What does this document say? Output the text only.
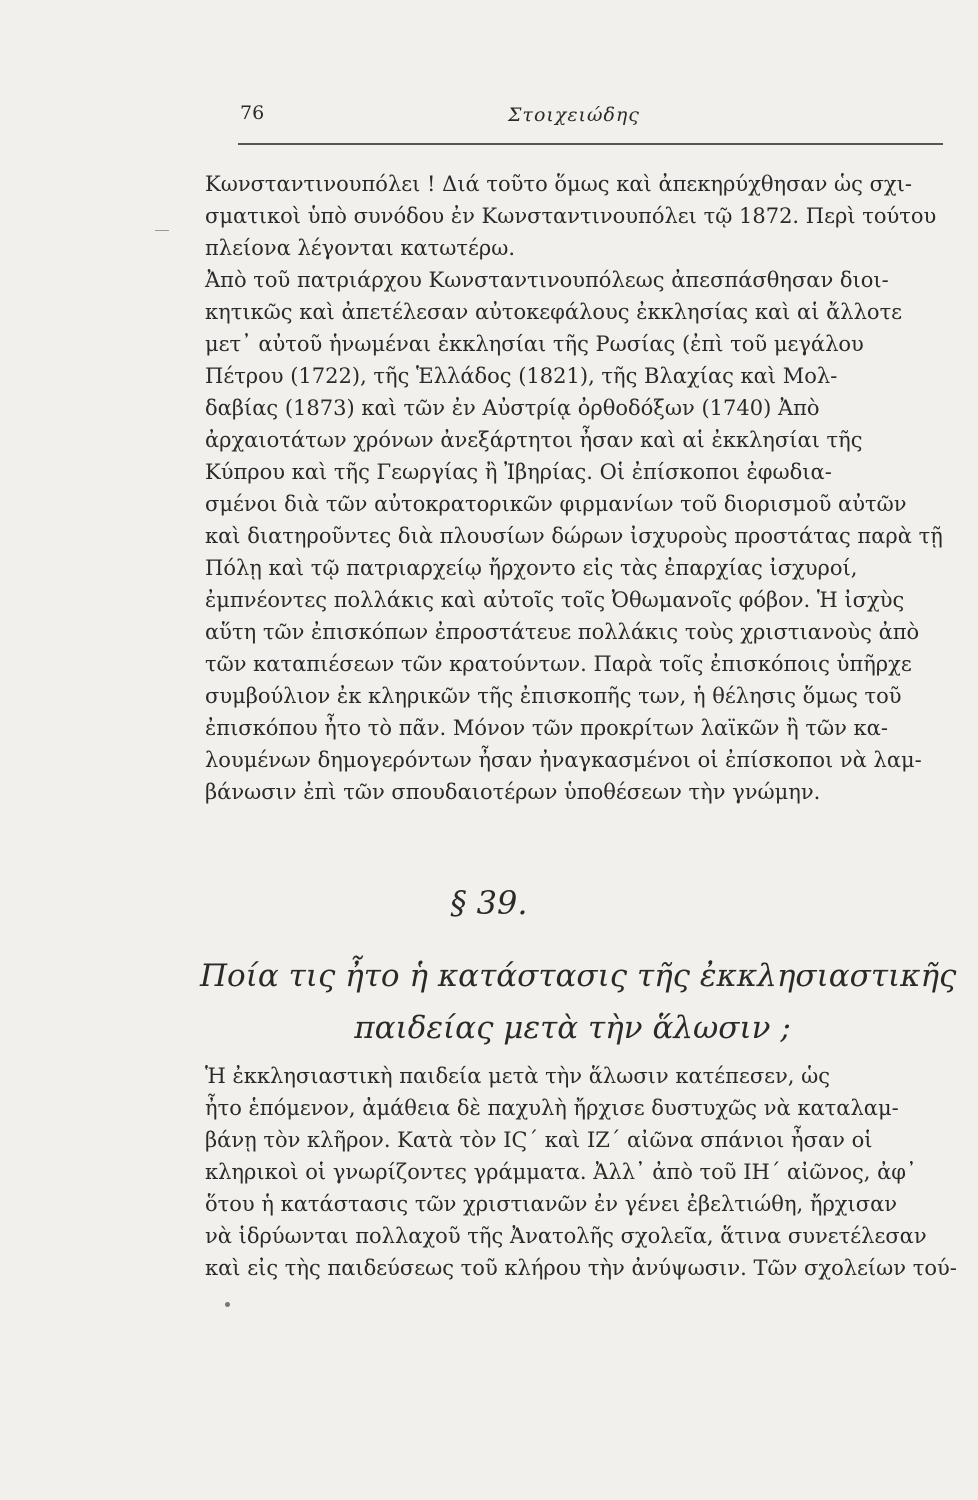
76	Στοιχειώδης
Κωνσταντινουπόλει ! Διά τοῦτο ὅμως καὶ ἀπεκηρύχθησαν ὡς σχι-
σματικοὶ ὑπὸ συνόδου ἐν Κωνσταντινουπόλει τῷ 1872. Περὶ τούτου
πλείονα λέγονται κατωτέρω.
Ἀπὸ τοῦ πατριάρχου Κωνσταντινουπόλεως ἀπεσπάσθησαν διοι-
κητικῶς καὶ ἀπετέλεσαν αὐτοκεφάλους ἐκκλησίας καὶ αἱ ἄλλοτε
μετ᾽ αὐτοῦ ἡνωμέναι ἐκκλησίαι τῆς Ρωσίας (ἐπὶ τοῦ μεγάλου
Πέτρου (1722), τῆς Ἑλλάδος (1821), τῆς Βλαχίας καὶ Μολ-
δαβίας (1873) καὶ τῶν ἐν Αὐστρίᾳ ὀρθοδόξων (1740) Ἀπὸ
ἀρχαιοτάτων χρόνων ἀνεξάρτητοι ἦσαν καὶ αἱ ἐκκλησίαι τῆς
Κύπρου καὶ τῆς Γεωργίας ἢ Ἰβηρίας. Οἱ ἐπίσκοποι ἐφωδια-
σμένοι διὰ τῶν αὐτοκρατορικῶν φιρμανίων τοῦ διορισμοῦ αὐτῶν
καὶ διατηροῦντες διὰ πλουσίων δώρων ἰσχυροὺς προστάτας παρὰ τῇ
Πόλῃ καὶ τῷ πατριαρχείῳ ἤρχοντο εἰς τὰς ἐπαρχίας ἰσχυροί,
ἐμπνέοντες πολλάκις καὶ αὐτοῖς τοῖς Ὀθωμανοῖς φόβον. Ἡ ἰσχὺς
αὕτη τῶν ἐπισκόπων ἐπροστάτευε πολλάκις τοὺς χριστιανοὺς ἀπὸ
τῶν καταπιέσεων τῶν κρατούντων. Παρὰ τοῖς ἐπισκόποις ὑπῆρχε
συμβούλιον ἐκ κληρικῶν τῆς ἐπισκοπῆς των, ἡ θέλησις ὅμως τοῦ
ἐπισκόπου ἦτο τὸ πᾶν. Μόνον τῶν προκρίτων λαϊκῶν ἢ τῶν κα-
λουμένων δημογερόντων ἦσαν ἠναγκασμένοι οἱ ἐπίσκοποι νὰ λαμ-
βάνωσιν ἐπὶ τῶν σπουδαιοτέρων ὑποθέσεων τὴν γνώμην.
§ 39.
Ποία τις ἦτο ἡ κατάστασις τῆς ἐκκλησιαστικῆς
παιδείας μετὰ τὴν ἅλωσιν ;
Ἡ ἐκκλησιαστικὴ παιδεία μετὰ τὴν ἅλωσιν κατέπεσεν, ὡς
ἦτο ἑπόμενον, ἀμάθεια δὲ παχυλὴ ἤρχισε δυστυχῶς νὰ καταλαμ-
βάνῃ τὸν κλῆρον. Κατὰ τὸν ΙϚ΄ καὶ ΙΖ΄ αἰῶνα σπάνιοι ἦσαν οἱ
κληρικοὶ οἱ γνωρίζοντες γράμματα. Ἀλλ᾽ ἀπὸ τοῦ ΙΗ΄ αἰῶνος, ἀφ᾽
ὅτου ἡ κατάστασις τῶν χριστιανῶν ἐν γένει ἐβελτιώθη, ἤρχισαν
νὰ ἱδρύωνται πολλαχοῦ τῆς Ἀνατολῆς σχολεῖα, ἅτινα συνετέλεσαν
καὶ εἰς τὴς παιδεύσεως τοῦ κλήρου τὴν ἀνύψωσιν. Τῶν σχολείων τού-
